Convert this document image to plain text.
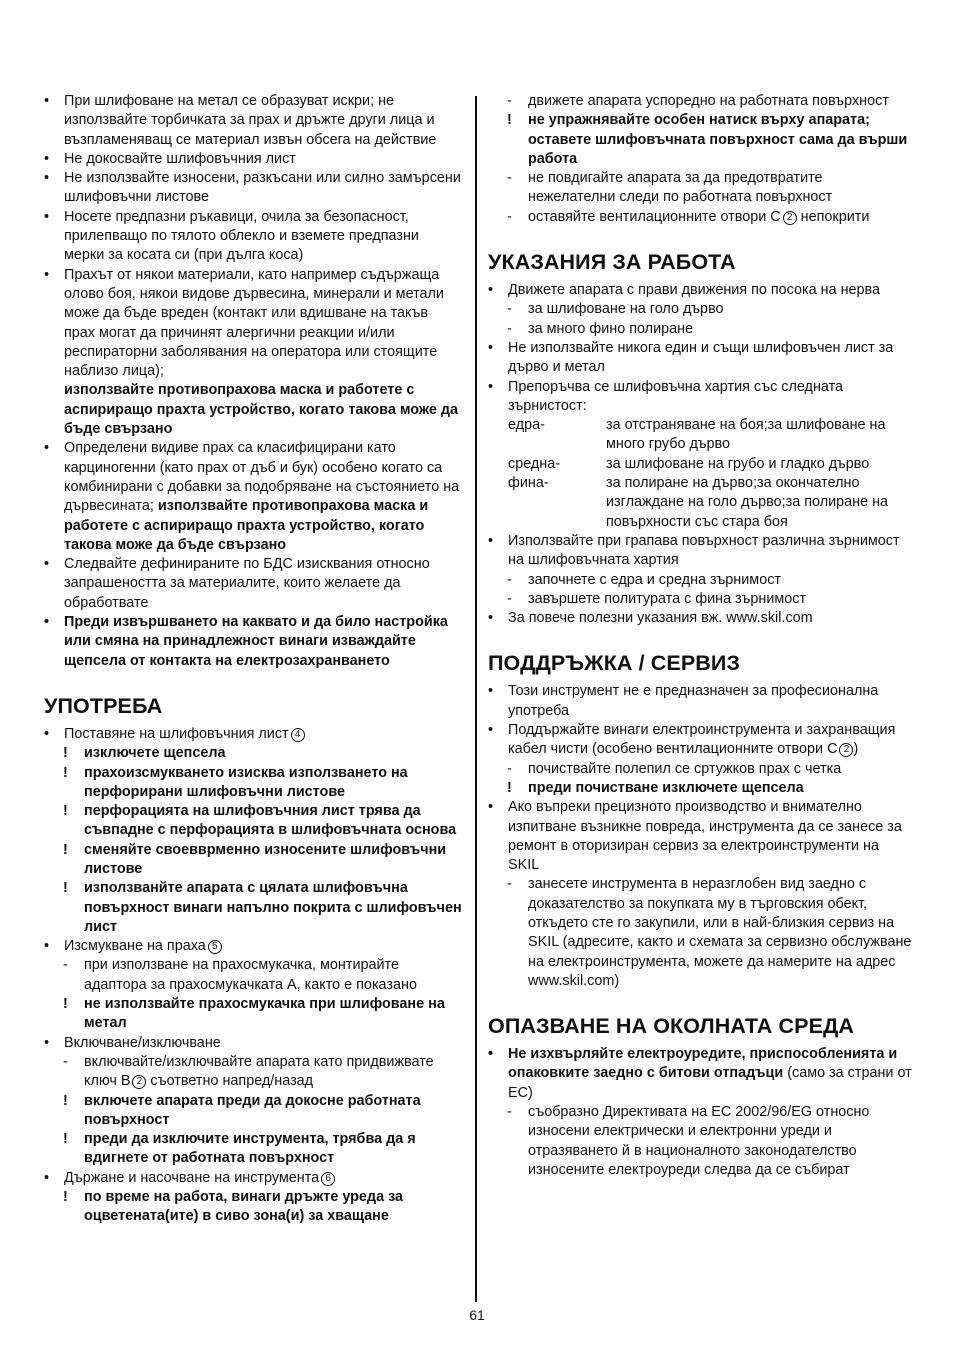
• При шлифоване на метал се образуват искри; не използвайте торбичката за прах и дръжте други лица и възпламеняващ се материал извън обсега на действие
• Не докосвайте шлифовъчния лист
• Не използвайте износени, разкъсани или силно замърсени шлифовъчни листове
• Носете предпазни ръкавици, очила за безопасност, прилепващо по тялото облекло и вземете предпазни мерки за косата си (при дълга коса)
• Прахът от някои материали, като например съдържаща олово боя, някои видове дървесина, минерали и метали може да бъде вреден (контакт или вдишване на такъв прах могат да причинят алергични реакции и/или респираторни заболявания на оператора или стоящите наблизо лица);
използвайте противопрахова маска и работете с аспириращо прахта устройство, когато такова може да бъде свързано
• Определени видиве прах са класифицирани като карциногенни (като прах от дъб и бук) особено когато са комбинирани с добавки за подобряване на състоянието на дървесината; използвайте противопрахова маска и работете с аспириращо прахта устройство, когато такова може да бъде свързано
• Следвайте дефинираните по БДС изисквания относно запрашеността за материалите, които желаете да обработвате
• Преди извършването на каквато и да било настройка или смяна на принадлежност винаги изваждайте щепсела от контакта на електрозахранването
УПОТРЕБА
• Поставяне на шлифовъчния лист 4
! изключете щепсела
! прахоизсмукването изисква използването на перфорирани шлифовъчни листове
! перфорацията на шлифовъчния лист трява да съвпадне с перфорацията в шлифовъчната основа
! сменяйте своевврменно износените шлифовъчни листове
! използванйте апарата с цялата шлифовъчна повърхност винаги напълно покрита с шлифовъчен лист
• Изсмукване на праха 5
- при използване на прахосмукачка, монтирайте адаптора за прахосмукачката А, както е показано
! не използвайте прахосмукачка при шлифоване на метал
• Включване/изключване
- включвайте/изключвайте апарата като придвижвате ключ B 2 съответно напред/назад
! включете апарата преди да докосне работната повърхност
! преди да изключите инструмента, трябва да я вдигнете от работната повърхност
• Държане и насочване на инструмента 6
! по време на работа, винаги дръжте уреда за оцветената(ите) в сиво зона(и) за хващане
- движете апарата успоредно на работната повърхност
! не упражнявайте особен натиск върху апарата; оставете шлифовъчната повърхност сама да върши работа
- не повдигайте апарата за да предотвратите нежелателни следи по работната повърхност
- оставяйте вентилационните отвори С 2 непокрити
УКАЗАНИЯ ЗА РАБОТА
• Движете апарата с прави движения по посока на нерва
- за шлифоване на голо дърво
- за много фино полиране
• Не използвайте никога един и същи шлифовъчен лист за дърво и метал
• Препоръчва се шлифовъчна хартия със следната зърнистост:
едра-	за отстраняване на боя;за шлифоване на много грубо дърво
средна-	за шлифоване на грубо и гладко дърво
фина-	за полиране на дърво;за окончателно изглаждане на голо дърво;за полиране на повърхности със стара боя
• Използвайте при грапава повърхност различна зърнимост на шлифовъчната хартия
- започнете с едра и средна зърнимост
- завършете политурата с фина зърнимост
• За повече полезни указания вж. www.skil.com
ПОДДРЪЖКА / СЕРВИЗ
• Този инструмент не е предназначен за професионална употреба
• Поддържайте винаги електроинструмента и захранващия кабел чисти (особено вентилационните отвори С 2 )
- почиствайте полепил се сртужков прах с четка
! преди почистване изключете щепсела
• Ако въпреки прецизното производство и внимателно изпитване възникне повреда, инструмента да се занесе за ремонт в оторизиран сервиз за електроинструменти на SKIL
- занесете инструмента в неразглобен вид заедно с доказателство за покупката му в търговския обект, откъдето сте го закупили, или в най-близкия сервиз на SKIL (адресите, както и схемата за сервизно обслужване на електроинструмента, можете да намерите на адрес www.skil.com)
ОПАЗВАНЕ НА ОКОЛНАТА СРЕДА
• Не изхвърляйте електроуредите, приспособленията и опаковките заедно с битови отпадъци (само за страни от ЕС)
- съобразно Директивата на ЕС 2002/96/EG относно износени електрически и електронни уреди и отразяването й в националното законодателство износените електроуреди следва да се събират
61
